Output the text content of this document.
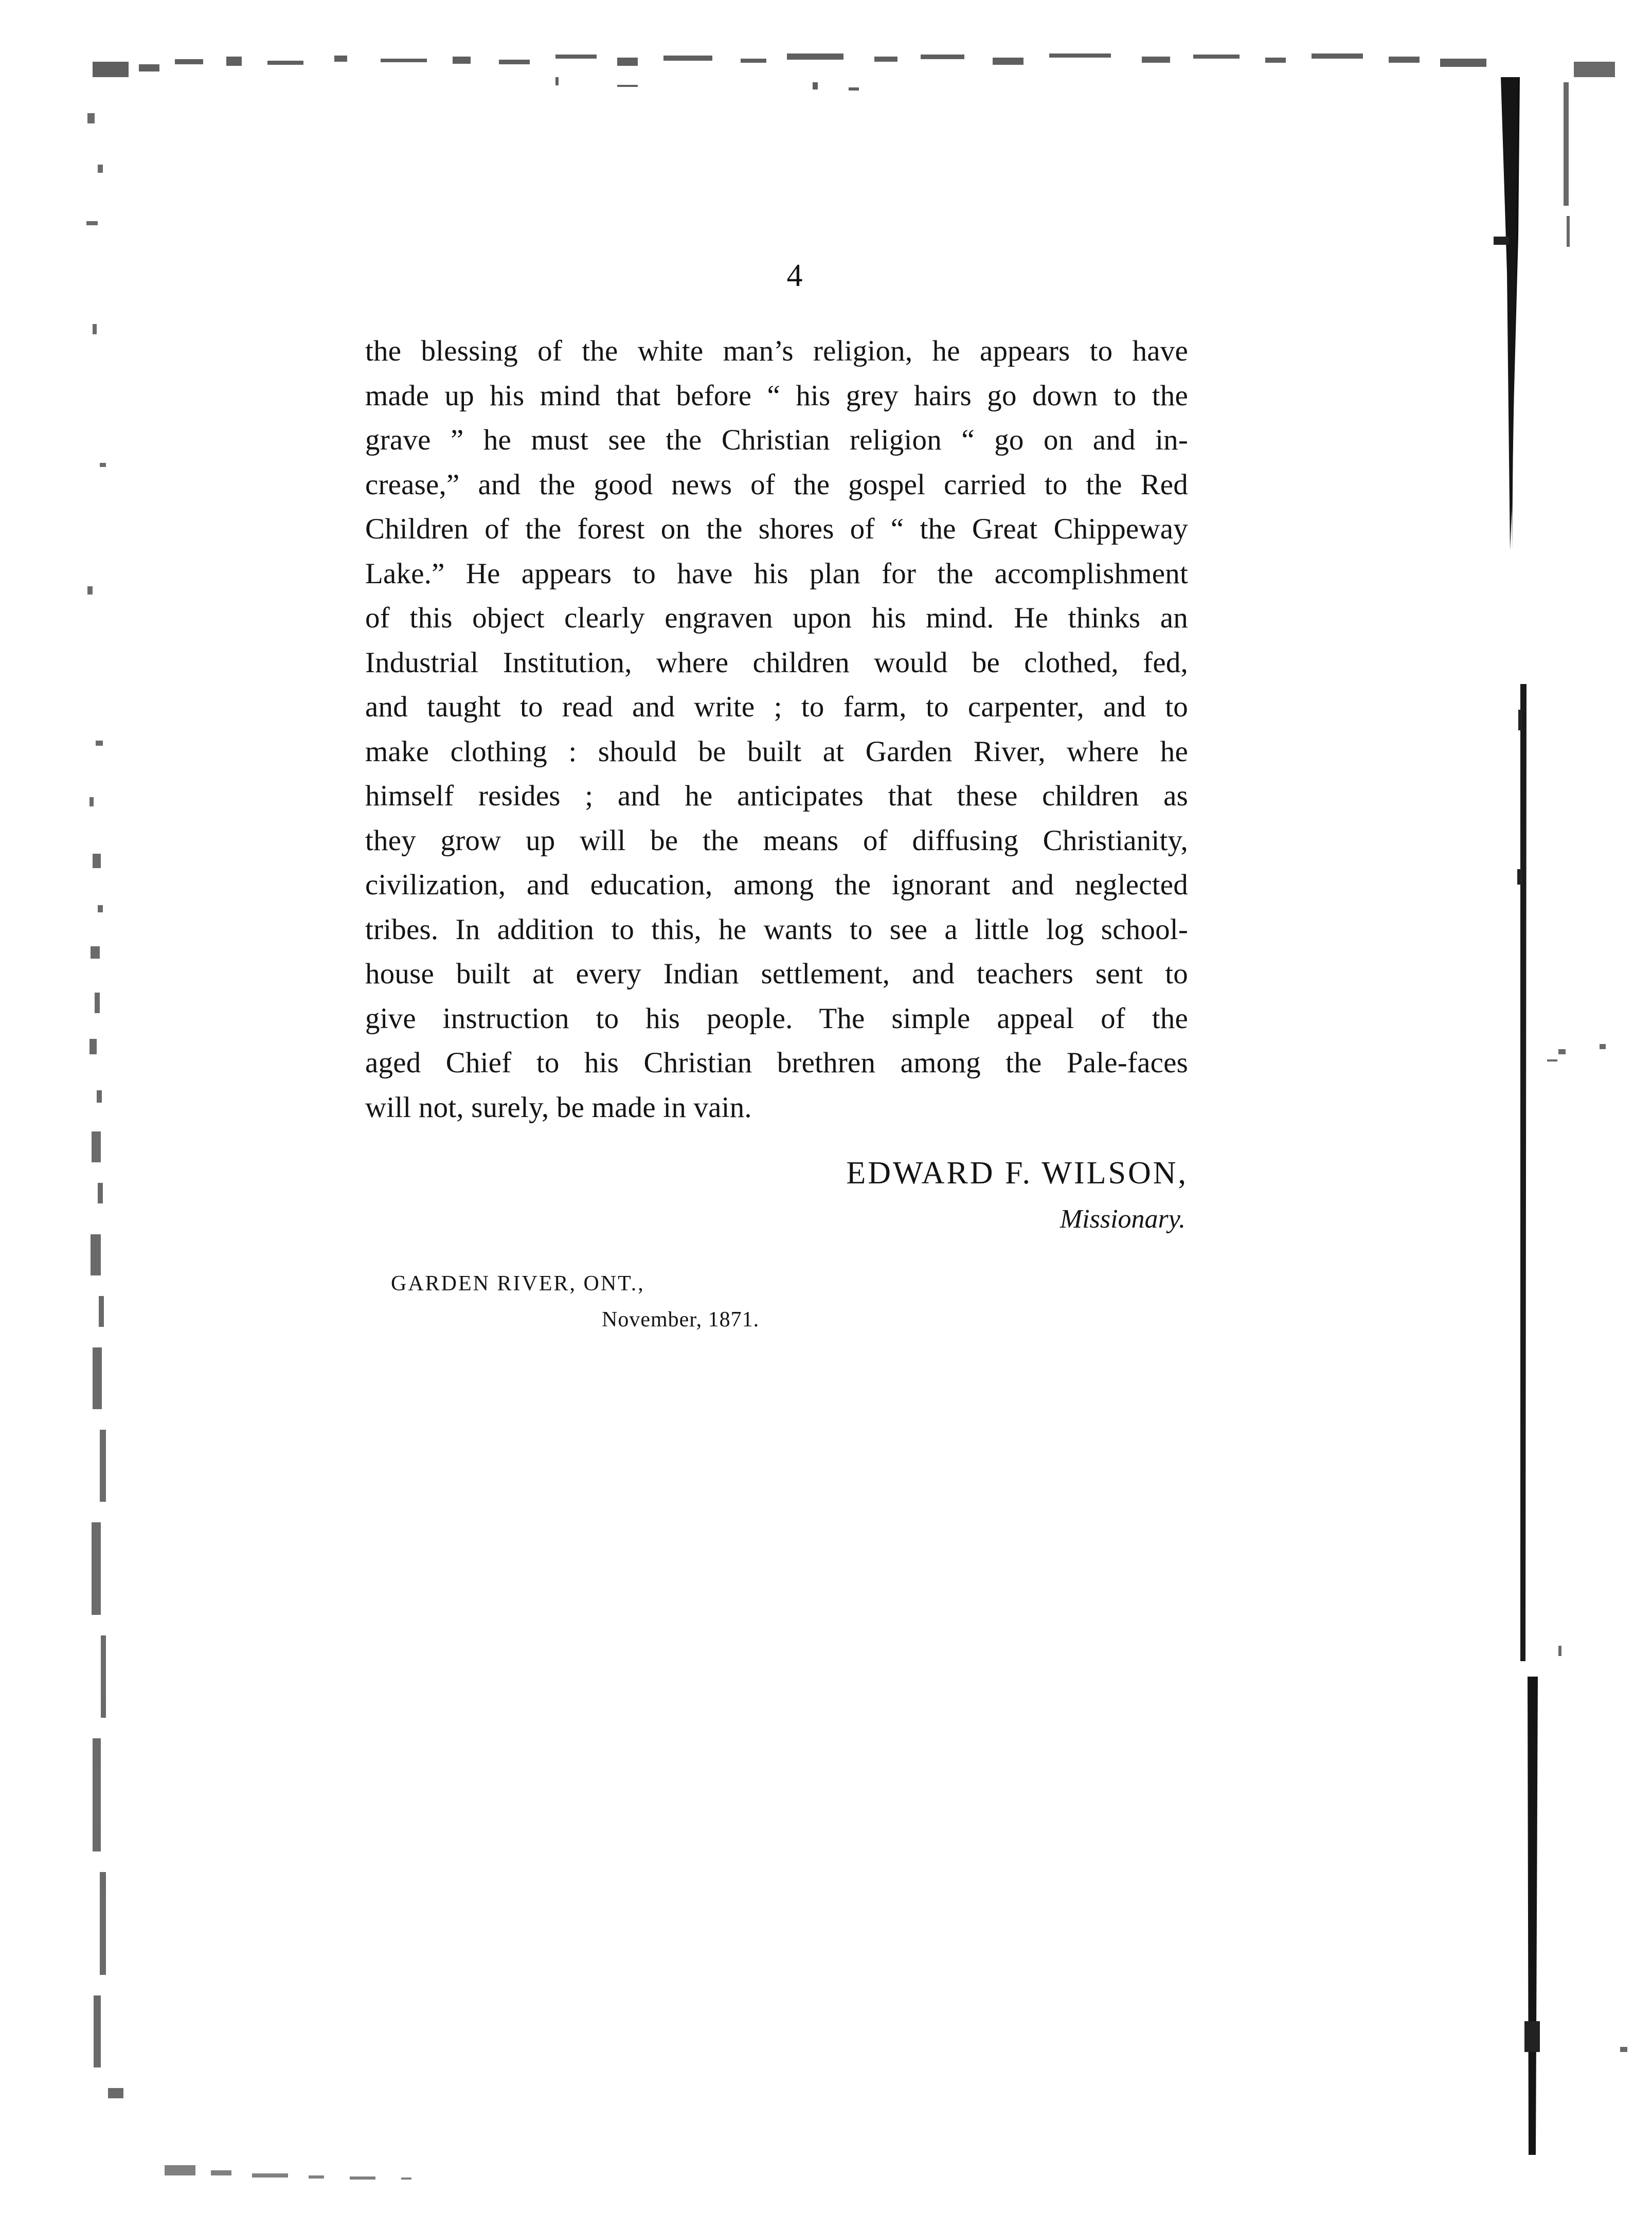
4

the blessing of the white man’s religion, he appears to have
made up his mind that before “ his grey hairs go down to the
grave ” he must see the Christian religion “ go on and in-
crease,” and the good news of the gospel carried to the Red
Children of the forest on the shores of “ the Great Chippeway
Lake.” He appears to have his plan for the accomplishment
of this object clearly engraven upon his mind. He thinks an
Industrial Institution, where children would be clothed, fed,
and taught to read and write ; to farm, to carpenter, and to
make clothing : should be built at Garden River, where he
himself resides ; and he anticipates that these children as
they grow up will be the means of diffusing Christianity,
civilization, and education, among the ignorant and neglected
tribes. In addition to this, he wants to see a little log school-
house built at every Indian settlement, and teachers sent to
give instruction to his people. The simple appeal of the
aged Chief to his Christian brethren among the Pale-faces
will not, surely, be made in vain.

EDWARD F. WILSON,
Missionary.
GARDEN RIVER, ONT.,
November, 1871.
